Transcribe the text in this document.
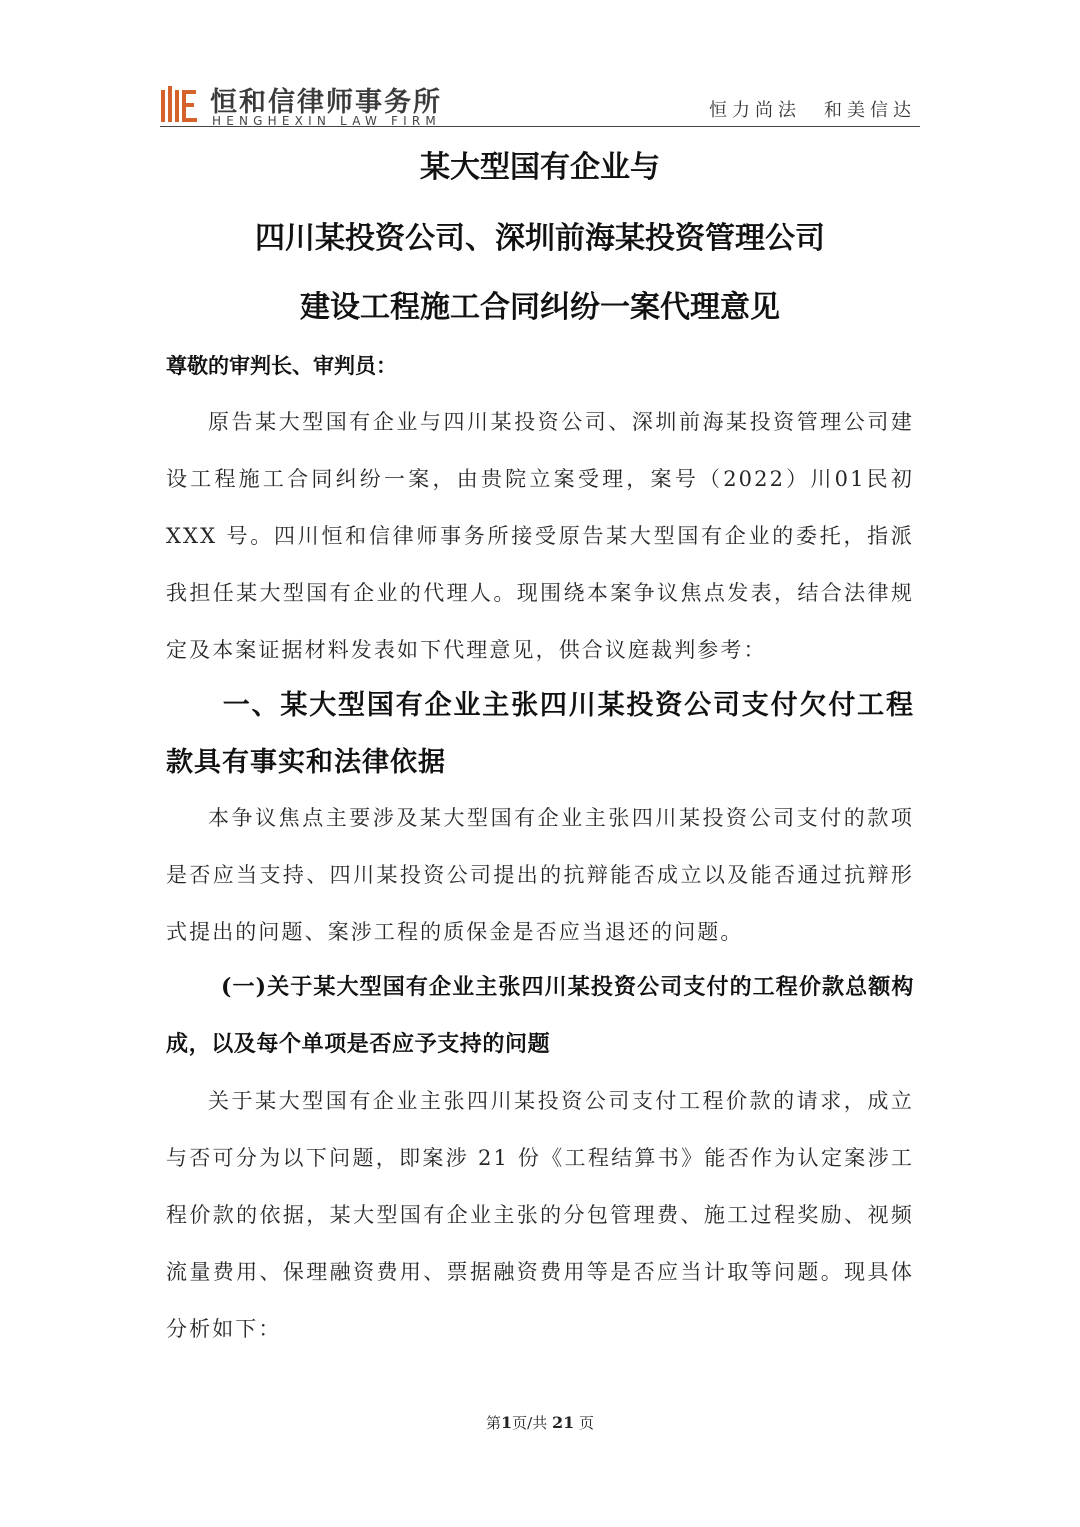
恒和信律师事务所
HENGHEXIN LAW FIRM	恒力尚法　和美信达
某大型国有企业与
四川某投资公司、深圳前海某投资管理公司
建设工程施工合同纠纷一案代理意见
尊敬的审判长、审判员：

原告某大型国有企业与四川某投资公司、深圳前海某投资管理公司建设工程施工合同纠纷一案，由贵院立案受理，案号（2022）川01民初 XXX 号。四川恒和信律师事务所接受原告某大型国有企业的委托，指派我担任某大型国有企业的代理人。现围绕本案争议焦点发表，结合法律规定及本案证据材料发表如下代理意见，供合议庭裁判参考：

一、某大型国有企业主张四川某投资公司支付欠付工程款具有事实和法律依据

本争议焦点主要涉及某大型国有企业主张四川某投资公司支付的款项是否应当支持、四川某投资公司提出的抗辩能否成立以及能否通过抗辩形式提出的问题、案涉工程的质保金是否应当退还的问题。

(一)关于某大型国有企业主张四川某投资公司支付的工程价款总额构成，以及每个单项是否应予支持的问题

关于某大型国有企业主张四川某投资公司支付工程价款的请求，成立与否可分为以下问题，即案涉 21 份《工程结算书》能否作为认定案涉工程价款的依据，某大型国有企业主张的分包管理费、施工过程奖励、视频流量费用、保理融资费用、票据融资费用等是否应当计取等问题。现具体分析如下：

第1页/共 21 页
